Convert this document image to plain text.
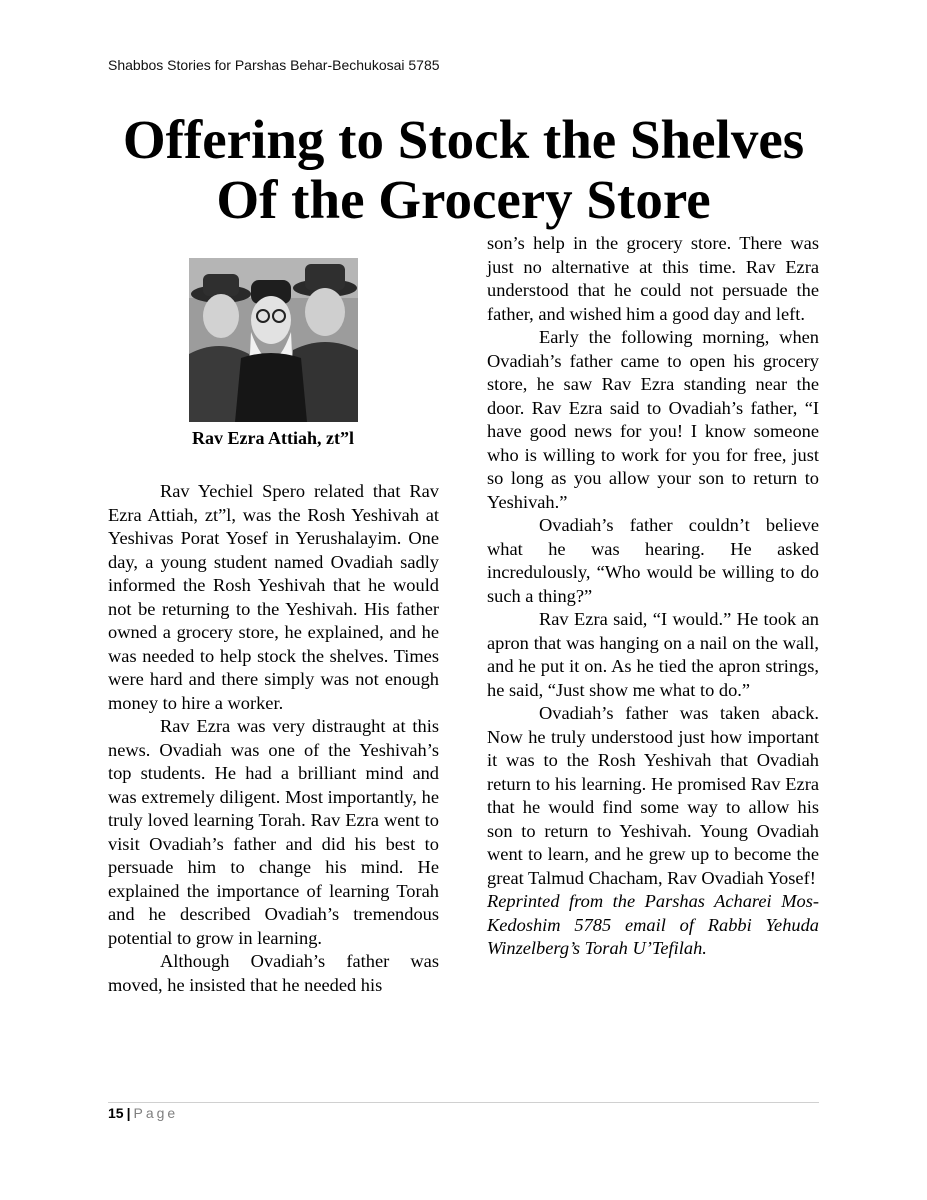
Shabbos Stories for Parshas Behar-Bechukosai 5785
Offering to Stock the Shelves
Of the Grocery Store
Rav Ezra Attiah, zt”l

Rav Yechiel Spero related that Rav Ezra Attiah, zt”l, was the Rosh Yeshivah at Yeshivas Porat Yosef in Yerushalayim. One day, a young student named Ovadiah sadly informed the Rosh Yeshivah that he would not be returning to the Yeshivah. His father owned a grocery store, he explained, and he was needed to help stock the shelves. Times were hard and there simply was not enough money to hire a worker.

Rav Ezra was very distraught at this news. Ovadiah was one of the Yeshivah’s top students. He had a brilliant mind and was extremely diligent. Most importantly, he truly loved learning Torah. Rav Ezra went to visit Ovadiah’s father and did his best to persuade him to change his mind. He explained the importance of learning Torah and he described Ovadiah’s tremendous potential to grow in learning.

Although Ovadiah’s father was moved, he insisted that he needed his

son’s help in the grocery store. There was just no alternative at this time. Rav Ezra understood that he could not persuade the father, and wished him a good day and left.

Early the following morning, when Ovadiah’s father came to open his grocery store, he saw Rav Ezra standing near the door. Rav Ezra said to Ovadiah’s father, “I have good news for you! I know someone who is willing to work for you for free, just so long as you allow your son to return to Yeshivah.”

Ovadiah’s father couldn’t believe what he was hearing. He asked incredulously, “Who would be willing to do such a thing?”

Rav Ezra said, “I would.” He took an apron that was hanging on a nail on the wall, and he put it on. As he tied the apron strings, he said, “Just show me what to do.”

Ovadiah’s father was taken aback. Now he truly understood just how important it was to the Rosh Yeshivah that Ovadiah return to his learning. He promised Rav Ezra that he would find some way to allow his son to return to Yeshivah. Young Ovadiah went to learn, and he grew up to become the great Talmud Chacham, Rav Ovadiah Yosef!

Reprinted from the Parshas Acharei Mos-Kedoshim 5785 email of Rabbi Yehuda Winzelberg’s Torah U’Tefilah.

15 | Page
